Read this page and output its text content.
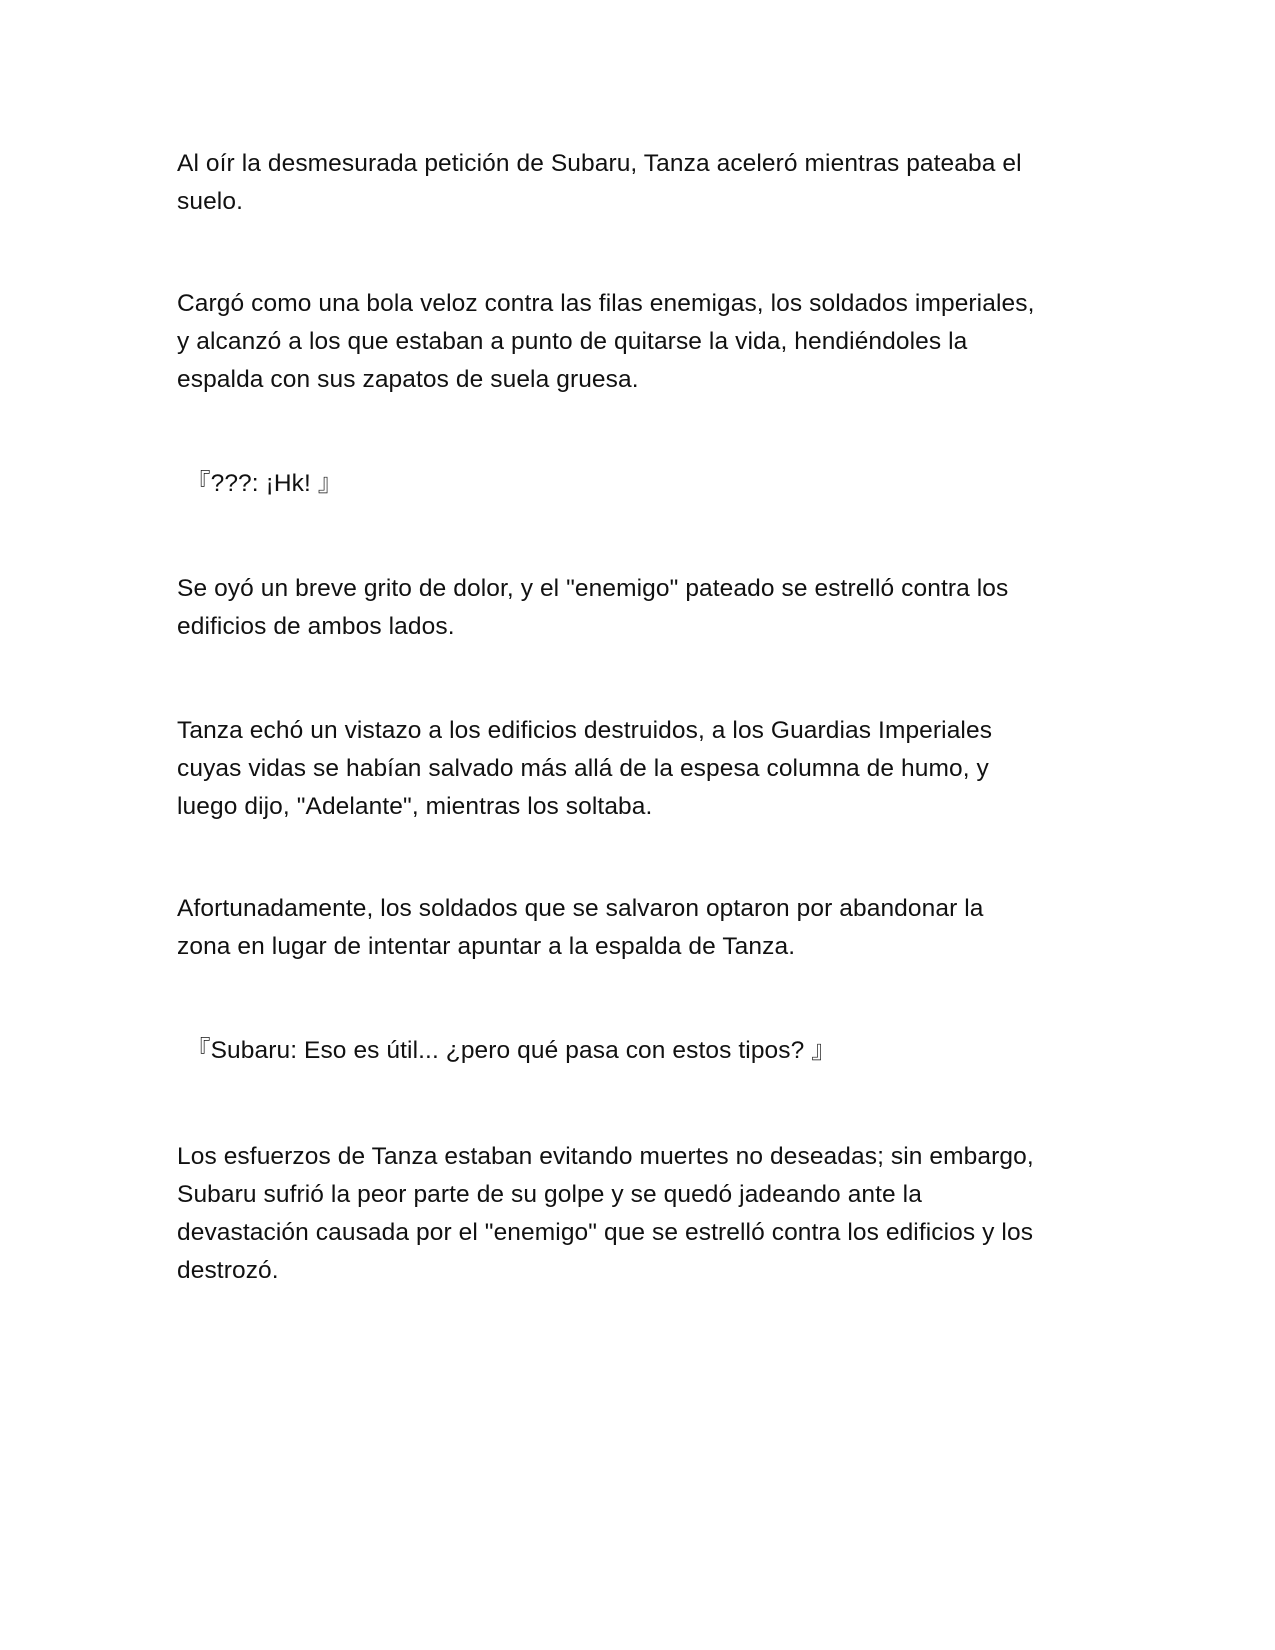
Al oír la desmesurada petición de Subaru, Tanza aceleró mientras pateaba el
suelo.
Cargó como una bola veloz contra las filas enemigas, los soldados imperiales,
y alcanzó a los que estaban a punto de quitarse la vida, hendiéndoles la
espalda con sus zapatos de suela gruesa.
『???: ¡Hk! 』
Se oyó un breve grito de dolor, y el "enemigo" pateado se estrelló contra los
edificios de ambos lados.
Tanza echó un vistazo a los edificios destruidos, a los Guardias Imperiales
cuyas vidas se habían salvado más allá de la espesa columna de humo, y
luego dijo, "Adelante", mientras los soltaba.
Afortunadamente, los soldados que se salvaron optaron por abandonar la
zona en lugar de intentar apuntar a la espalda de Tanza.
『Subaru: Eso es útil... ¿pero qué pasa con estos tipos? 』
Los esfuerzos de Tanza estaban evitando muertes no deseadas; sin embargo,
Subaru sufrió la peor parte de su golpe y se quedó jadeando ante la
devastación causada por el "enemigo" que se estrelló contra los edificios y los
destrozó.
